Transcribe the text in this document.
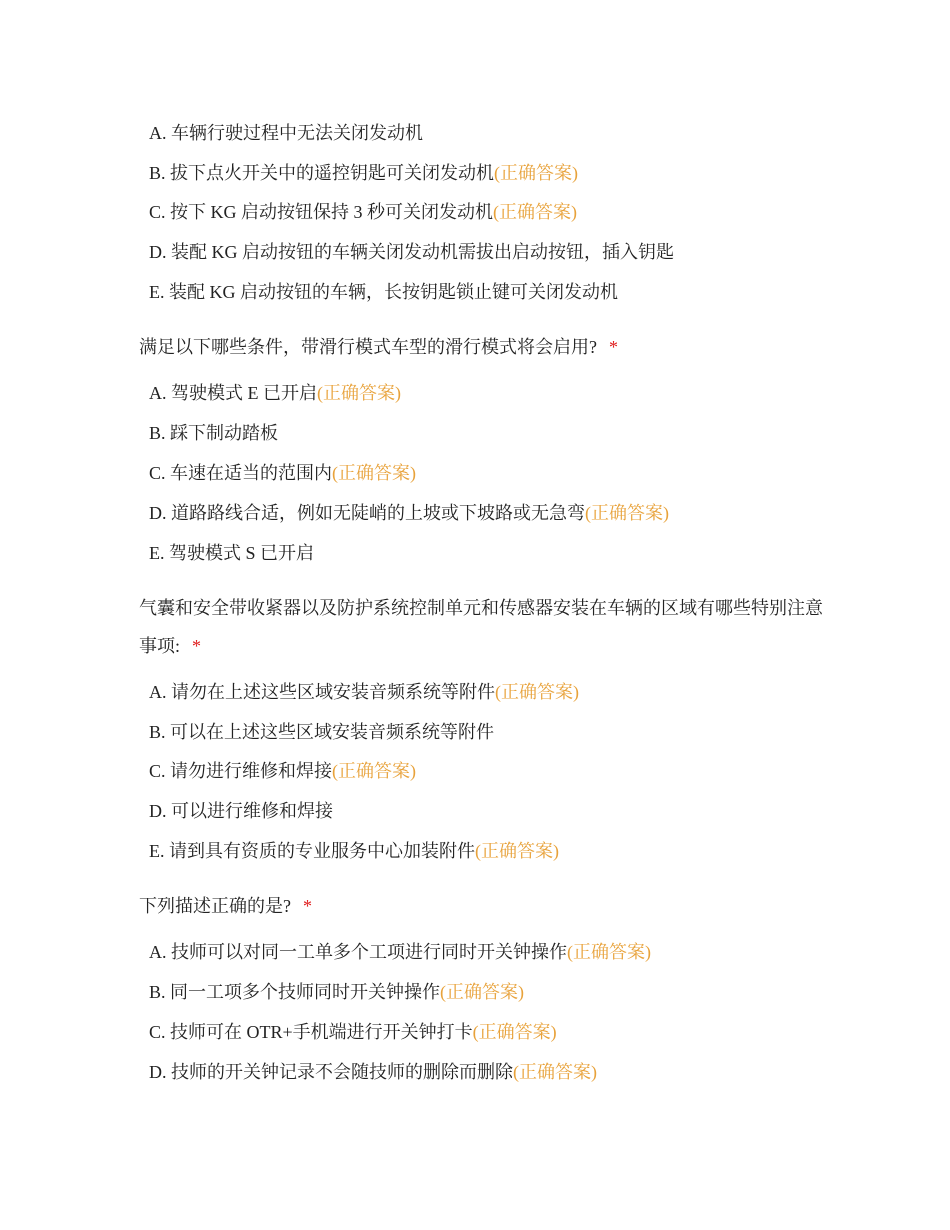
A. 车辆行驶过程中无法关闭发动机
B. 拔下点火开关中的遥控钥匙可关闭发动机(正确答案)
C. 按下 KG 启动按钮保持 3 秒可关闭发动机(正确答案)
D. 装配 KG 启动按钮的车辆关闭发动机需拔出启动按钮，插入钥匙
E. 装配 KG 启动按钮的车辆，长按钥匙锁止键可关闭发动机
满足以下哪些条件，带滑行模式车型的滑行模式将会启用? *
A. 驾驶模式 E 已开启(正确答案)
B. 踩下制动踏板
C. 车速在适当的范围内(正确答案)
D. 道路路线合适，例如无陡峭的上坡或下坡路或无急弯(正确答案)
E. 驾驶模式 S 已开启
气囊和安全带收紧器以及防护系统控制单元和传感器安装在车辆的区域有哪些特别注意事项: *
A. 请勿在上述这些区域安装音频系统等附件(正确答案)
B. 可以在上述这些区域安装音频系统等附件
C. 请勿进行维修和焊接(正确答案)
D. 可以进行维修和焊接
E. 请到具有资质的专业服务中心加装附件(正确答案)
下列描述正确的是? *
A. 技师可以对同一工单多个工项进行同时开关钟操作(正确答案)
B. 同一工项多个技师同时开关钟操作(正确答案)
C. 技师可在 OTR+手机端进行开关钟打卡(正确答案)
D. 技师的开关钟记录不会随技师的删除而删除(正确答案)
